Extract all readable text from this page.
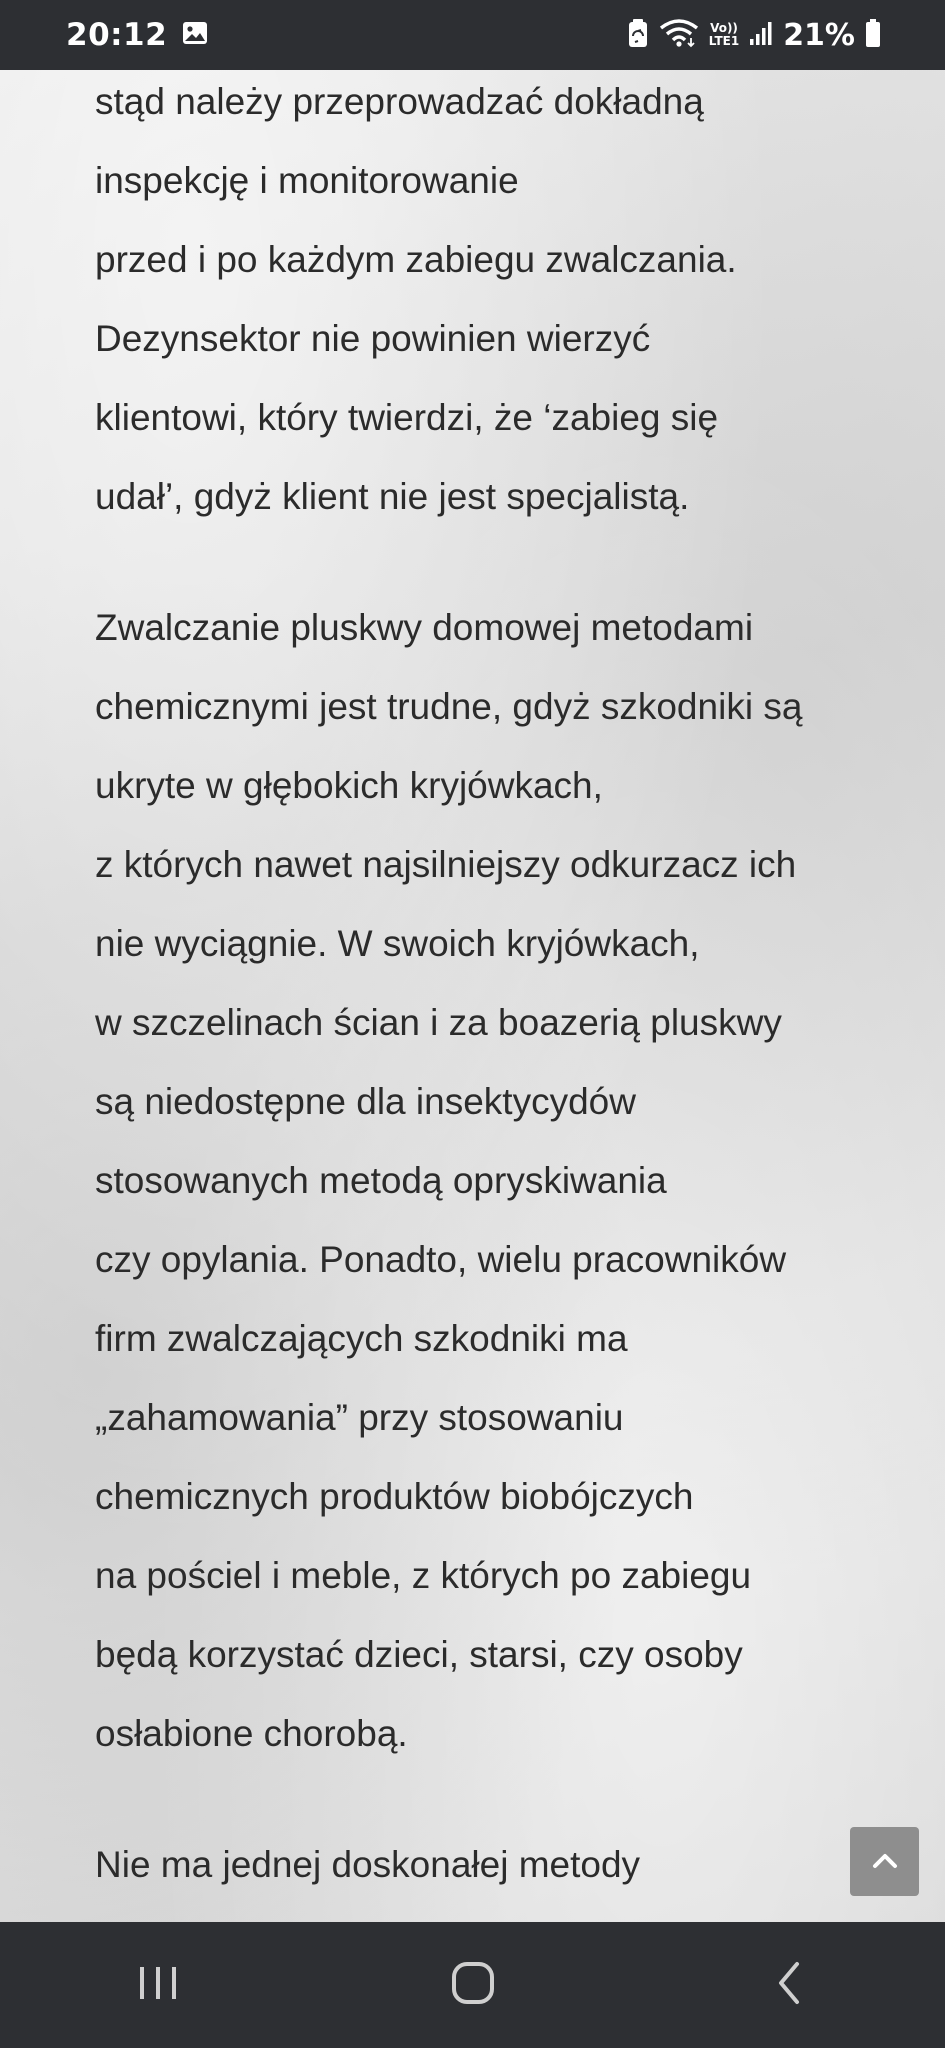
20:12	Vo))
LTE1 21%
stąd należy przeprowadzać dokładną
inspekcję i monitorowanie
przed i po każdym zabiegu zwalczania.
Dezynsektor nie powinien wierzyć
klientowi, który twierdzi, że ‘zabieg się
udał’, gdyż klient nie jest specjalistą.
Zwalczanie pluskwy domowej metodami
chemicznymi jest trudne, gdyż szkodniki są
ukryte w głębokich kryjówkach,
z których nawet najsilniejszy odkurzacz ich
nie wyciągnie. W swoich kryjówkach,
w szczelinach ścian i za boazerią pluskwy
są niedostępne dla insektycydów
stosowanych metodą opryskiwania
czy opylania. Ponadto, wielu pracowników
firm zwalczających szkodniki ma
„zahamowania” przy stosowaniu
chemicznych produktów biobójczych
na pościel i meble, z których po zabiegu
będą korzystać dzieci, starsi, czy osoby
osłabione chorobą.
Nie ma jednej doskonałej metody
